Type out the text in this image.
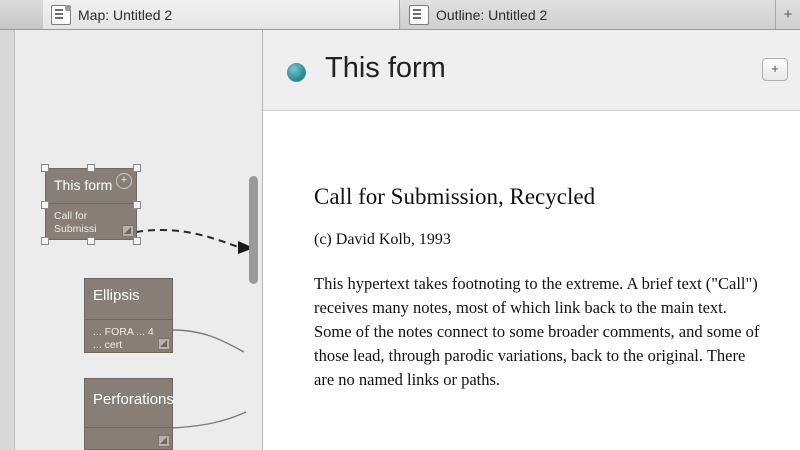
Map: Untitled 2	Outline: Untitled 2	+
This form +
Call for Submissi
Ellipsis
... FORA ... 4 ... cert
Perforations
This form	+
Call for Submission, Recycled
(c) David Kolb, 1993
This hypertext takes footnoting to the extreme. A brief text ("Call") receives many notes, most of which link back to the main text. Some of the notes connect to some broader comments, and some of those lead, through parodic variations, back to the original. There are no named links or paths.
